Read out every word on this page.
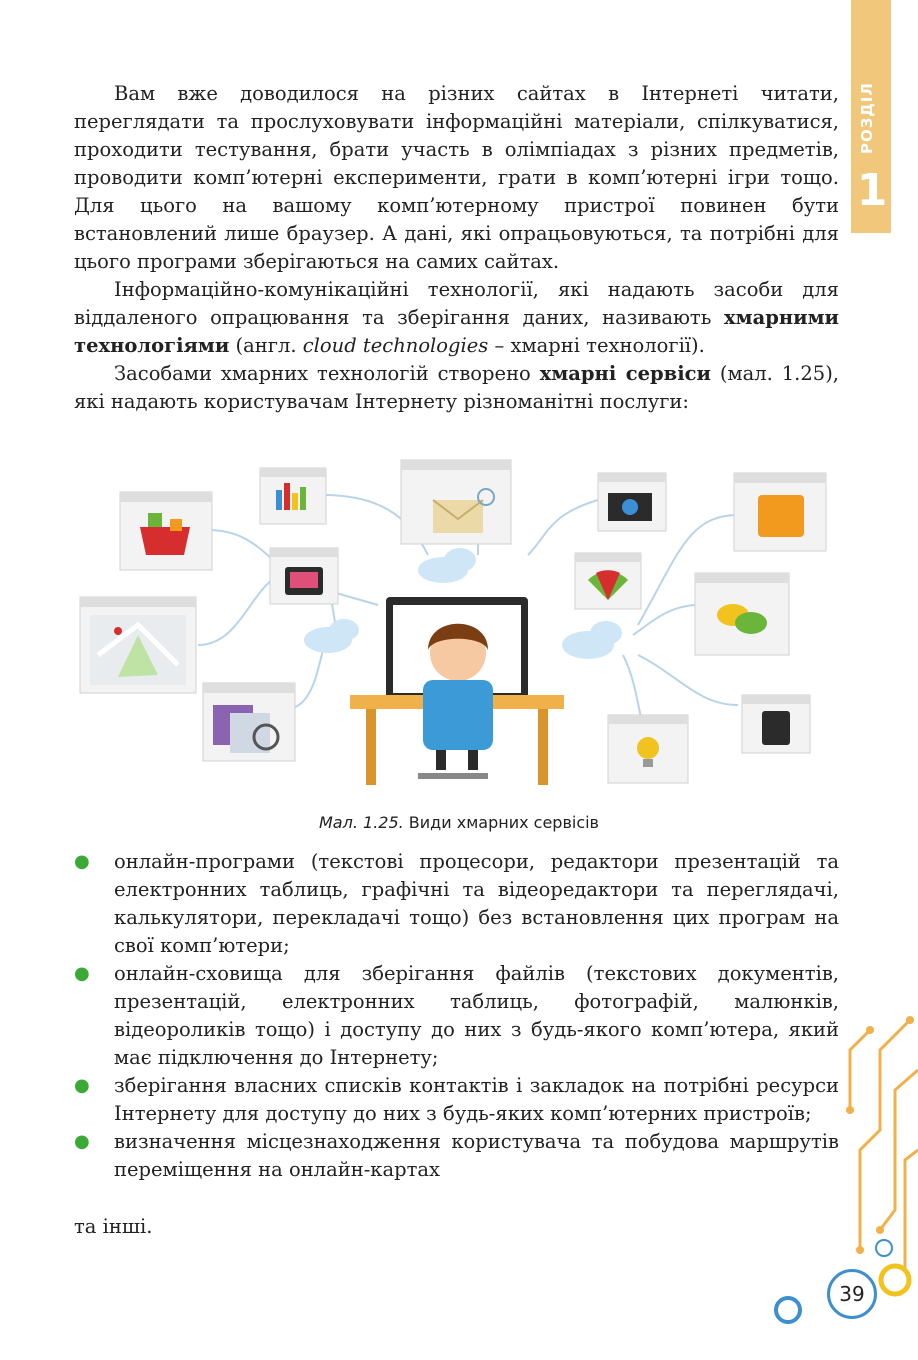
РОЗДІЛ
1

Вам вже доводилося на різних сайтах в Інтернеті читати, переглядати та прослуховувати інформаційні матеріали, спілкуватися, проходити тестування, брати участь в олімпіадах з різних предметів, проводити комп’ютерні експерименти, грати в комп’ютерні ігри тощо. Для цього на вашому комп’ютерному пристрої повинен бути встановлений лише браузер. А дані, які опрацьовуються, та потрібні для цього програми зберігаються на самих сайтах.

Інформаційно-комунікаційні технології, які надають засоби для віддаленого опрацювання та зберігання даних, називають хмарними технологіями (англ. cloud technologies – хмарні технології).

Засобами хмарних технологій створено хмарні сервіси (мал. 1.25), які надають користувачам Інтернету різноманітні послуги:

Мал. 1.25. Види хмарних сервісів
● онлайн-програми (текстові процесори, редактори презентацій та електронних таблиць, графічні та відеоредактори та переглядачі, калькулятори, перекладачі тощо) без встановлення цих програм на свої комп’ютери;
● онлайн-сховища для зберігання файлів (текстових документів, презентацій, електронних таблиць, фотографій, малюнків, відеороликів тощо) і доступу до них з будь-якого комп’ютера, який має підключення до Інтернету;
● зберігання власних списків контактів і закладок на потрібні ресурси Інтернету для доступу до них з будь-яких комп’ютерних пристроїв;
● визначення місцезнаходження користувача та побудова маршрутів переміщення на онлайн-картах
та інші.
39
